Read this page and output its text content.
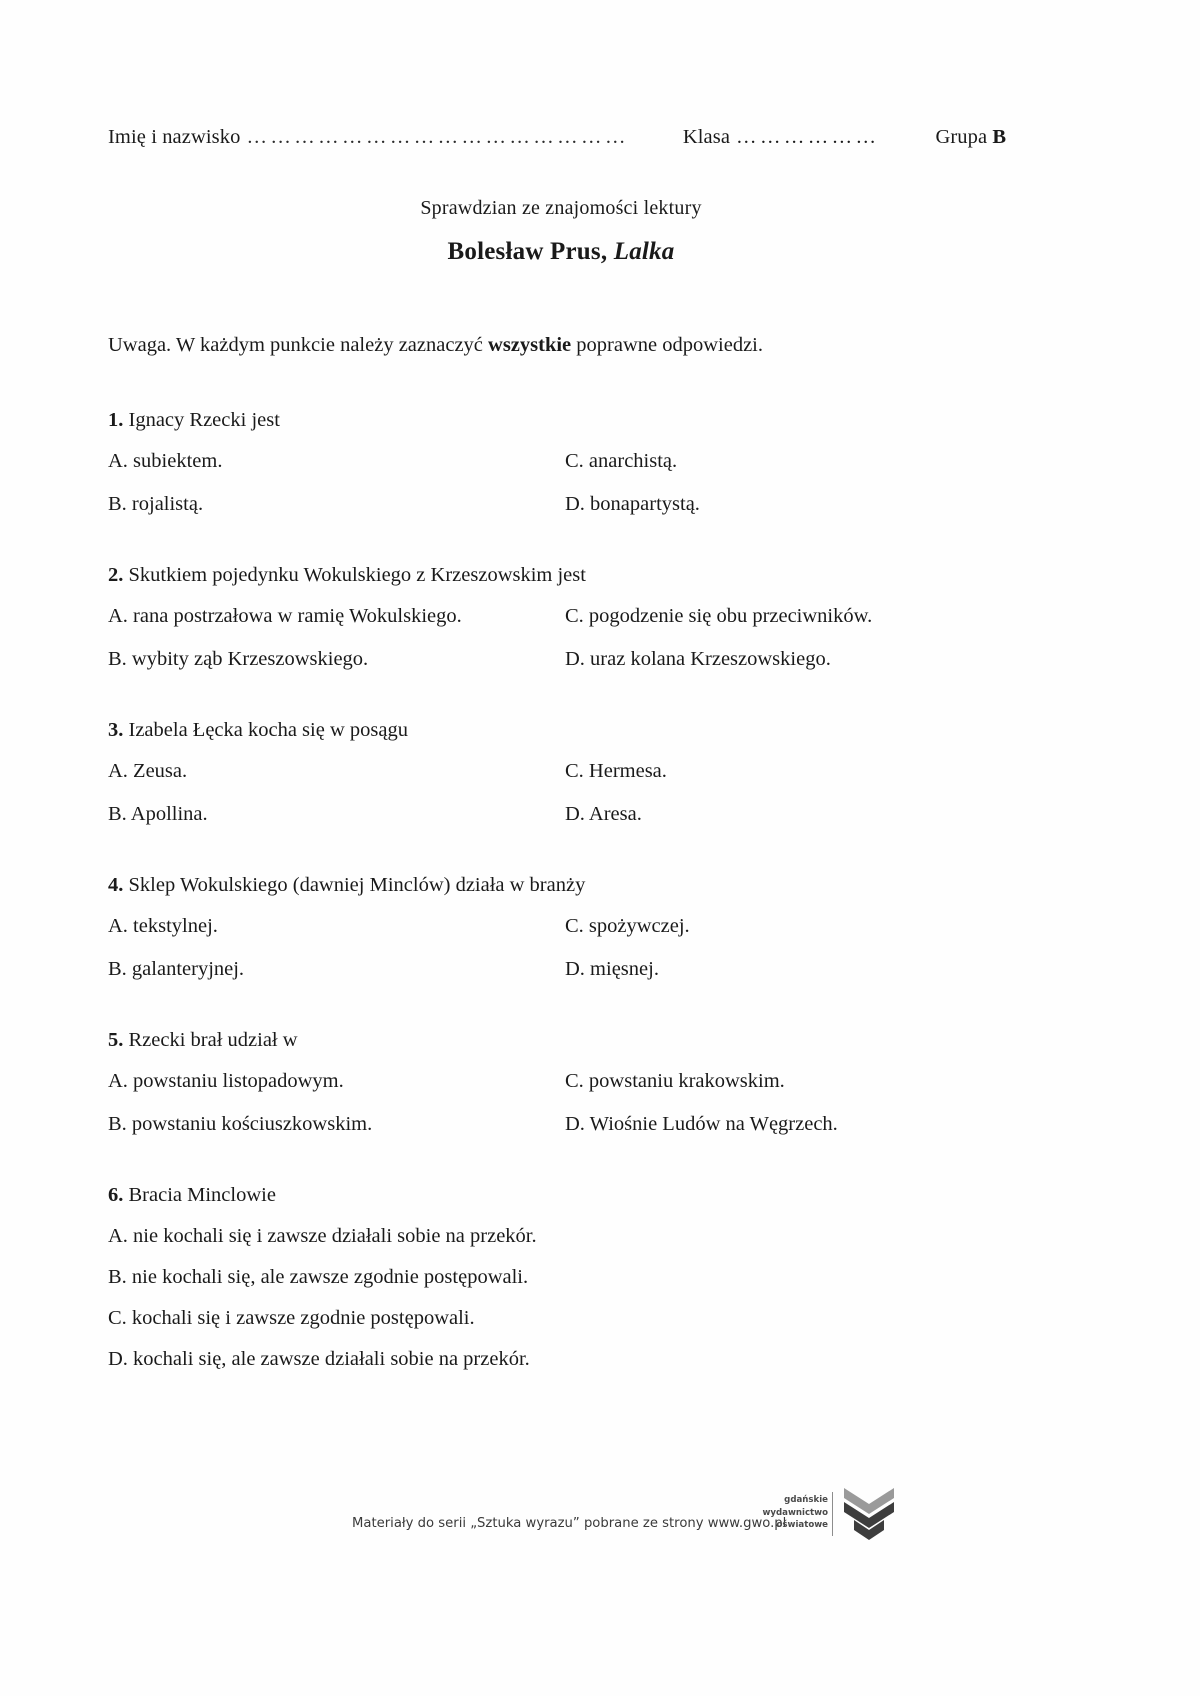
Imię i nazwisko …………………………………………	Klasa ………………	Grupa B
Sprawdzian ze znajomości lektury
Bolesław Prus, Lalka
Uwaga. W każdym punkcie należy zaznaczyć wszystkie poprawne odpowiedzi.
1. Ignacy Rzecki jest
A. subiektem.	C. anarchistą.
B. rojalistą.	D. bonapartystą.
2. Skutkiem pojedynku Wokulskiego z Krzeszowskim jest
A. rana postrzałowa w ramię Wokulskiego.	C. pogodzenie się obu przeciwników.
B. wybity ząb Krzeszowskiego.	D. uraz kolana Krzeszowskiego.
3. Izabela Łęcka kocha się w posągu
A. Zeusa.	C. Hermesa.
B. Apollina.	D. Aresa.
4. Sklep Wokulskiego (dawniej Minclów) działa w branży
A. tekstylnej.	C. spożywczej.
B. galanteryjnej.	D. mięsnej.
5. Rzecki brał udział w
A. powstaniu listopadowym.	C. powstaniu krakowskim.
B. powstaniu kościuszkowskim.	D. Wiośnie Ludów na Węgrzech.
6. Bracia Minclowie
A. nie kochali się i zawsze działali sobie na przekór.
B. nie kochali się, ale zawsze zgodnie postępowali.
C. kochali się i zawsze zgodnie postępowali.
D. kochali się, ale zawsze działali sobie na przekór.
Materiały do serii „Sztuka wyrazu” pobrane ze strony www.gwo.pl
gdańskie
wydawnictwo
oświatowe
